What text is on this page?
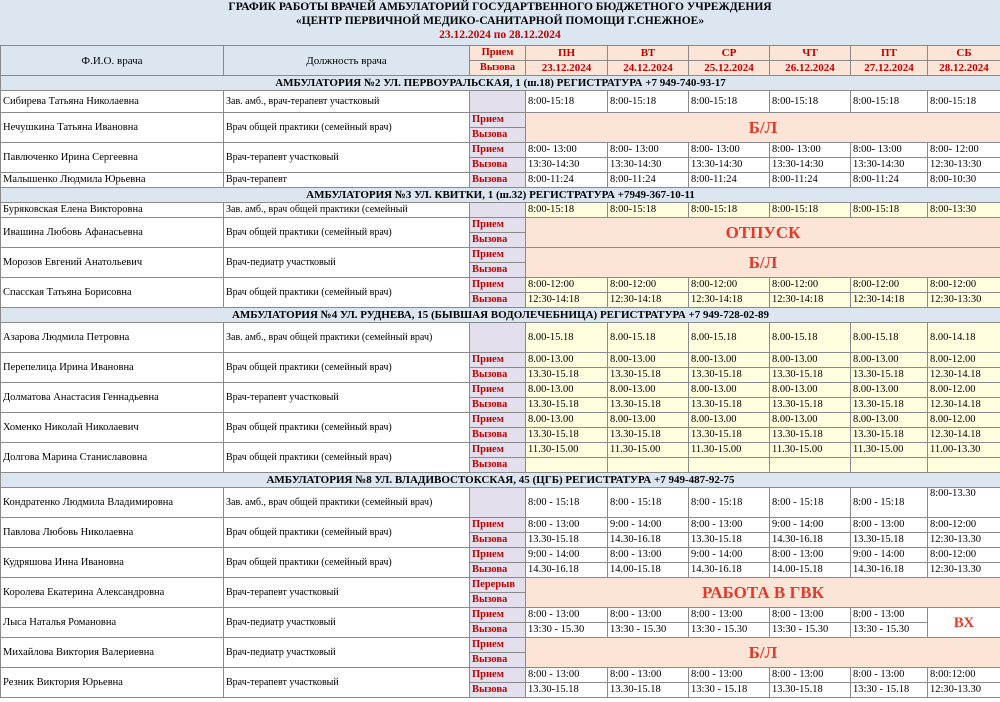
ГРАФИК РАБОТЫ ВРАЧЕЙ АМБУЛАТОРИЙ ГОСУДАРТВЕННОГО БЮДЖЕТНОГО УЧРЕЖДЕНИЯ
«ЦЕНТР ПЕРВИЧНОЙ МЕДИКО-САНИТАРНОЙ ПОМОЩИ Г.СНЕЖНОЕ»
23.12.2024 по 28.12.2024
Ф.И.О. врача	Должность врача	Прием	ПН	ВТ	СР	ЧТ	ПТ	СБ
		Вызова	23.12.2024	24.12.2024	25.12.2024	26.12.2024	27.12.2024	28.12.2024
АМБУЛАТОРИЯ №2 УЛ. ПЕРВОУРАЛЬСКАЯ, 1 (ш.18) РЕГИСТРАТУРА +7 949-740-93-17								
Сибирева Татьяна Николаевна	Зав. амб., врач-терапевт участковый		8:00-15:18	8:00-15:18	8:00-15:18	8:00-15:18	8:00-15:18	8:00-15:18
Нечушкина Татьяна Ивановна	Врач общей практики (семейный врач)	Прием	Б/Л					
		Вызова						
Павлюченко Ирина Сергеевна	Врач-терапевт участковый	Прием	8:00- 13:00	8:00- 13:00	8:00- 13:00	8:00- 13:00	8:00- 13:00	8:00- 12:00
		Вызова	13:30-14:30	13:30-14:30	13:30-14:30	13:30-14:30	13:30-14:30	12:30-13:30
Малышенко Людмила Юрьевна	Врач-терапевт	Вызова	8:00-11:24	8:00-11:24	8:00-11:24	8:00-11:24	8:00-11:24	8:00-10:30
АМБУЛАТОРИЯ №3 УЛ. КВИТКИ, 1 (ш.32) РЕГИСТРАТУРА +7949-367-10-11								
Буряковская Елена Викторовна	Зав. амб., врач общей практики (семейный		8:00-15:18	8:00-15:18	8:00-15:18	8:00-15:18	8:00-15:18	8:00-13:30
Ивашина Любовь Афанасьевна	Врач общей практики (семейный врач)	Прием	ОТПУСК					
		Вызова						
Морозов Евгений Анатольевич	Врач-педиатр участковый	Прием	Б/Л					
		Вызова						
Спасская Татьяна Борисовна	Врач общей практики (семейный врач)	Прием	8:00-12:00	8:00-12:00	8:00-12:00	8:00-12:00	8:00-12:00	8:00-12:00
		Вызова	12:30-14:18	12:30-14:18	12:30-14:18	12:30-14:18	12:30-14:18	12:30-13:30
АМБУЛАТОРИЯ №4 УЛ. РУДНЕВА, 15 (БЫВШАЯ ВОДОЛЕЧЕБНИЦА) РЕГИСТРАТУРА +7 949-728-02-89								
Азарова Людмила Петровна	Зав. амб., врач общей практики (семейный врач)		8.00-15.18	8.00-15.18	8.00-15.18	8.00-15.18	8.00-15.18	8.00-14.18
Перепелица Ирина Ивановна	Врач общей практики (семейный врач)	Прием	8.00-13.00	8.00-13.00	8.00-13.00	8.00-13.00	8.00-13.00	8.00-12.00
		Вызова	13.30-15.18	13.30-15.18	13.30-15.18	13.30-15.18	13.30-15.18	12.30-14.18
Долматова Анастасия Геннадьевна	Врач-терапевт участковый	Прием	8.00-13.00	8.00-13.00	8.00-13.00	8.00-13.00	8.00-13.00	8.00-12.00
		Вызова	13.30-15.18	13.30-15.18	13.30-15.18	13.30-15.18	13.30-15.18	12.30-14.18
Хоменко Николай Николаевич	Врач общей практики (семейный врач)	Прием	8.00-13.00	8.00-13.00	8.00-13.00	8.00-13.00	8.00-13.00	8.00-12.00
		Вызова	13.30-15.18	13.30-15.18	13.30-15.18	13.30-15.18	13.30-15.18	12.30-14.18
Долгова Марина Станиславовна	Врач общей практики (семейный врач)	Прием	11.30-15.00	11.30-15.00	11.30-15.00	11.30-15.00	11.30-15.00	11.00-13.30
		Вызова						
АМБУЛАТОРИЯ №8 УЛ. ВЛАДИВОСТОКСКАЯ, 45 (ЦГБ) РЕГИСТРАТУРА +7 949-487-92-75								
Кондратенко Людмила Владимировна	Зав. амб., врач общей практики (семейный врач)		8:00 - 15:18	8:00 - 15:18	8:00 - 15:18	8:00 - 15:18	8:00 - 15:18	8:00-13.30
Павлова Любовь Николаевна	Врач общей практики (семейный врач)	Прием	8:00 - 13:00	9:00 - 14:00	8:00 - 13:00	9:00 - 14:00	8:00 - 13:00	8:00-12:00
		Вызова	13.30-15.18	14.30-16.18	13.30-15.18	14.30-16.18	13.30-15.18	12:30-13.30
Кудряшова Инна Ивановна	Врач общей практики (семейный врач)	Прием	9:00 - 14:00	8:00 - 13:00	9:00 - 14:00	8:00 - 13:00	9:00 - 14:00	8:00-12:00
		Вызова	14.30-16.18	14.00-15.18	14.30-16.18	14.00-15.18	14.30-16.18	12:30-13.30
Королева Екатерина Александровна	Врач-терапевт участковый	Перерыв	РАБОТА В ГВК					
		Вызова						
Лыса Наталья Романовна	Врач-педиатр участковый	Прием	8:00 - 13:00	8:00 - 13:00	8:00 - 13:00	8:00 - 13:00	8:00 - 13:00	ВХ
		Вызова	13:30 - 15.30	13:30 - 15.30	13:30 - 15.30	13:30 - 15.30	13:30 - 15.30	
Михайлова Виктория Валериевна	Врач-педиатр участковый	Прием	Б/Л					
		Вызова						
Резник Виктория Юрьевна	Врач-терапевт участковый	Прием	8:00 - 13:00	8:00 - 13:00	8:00 - 13:00	8:00 - 13:00	8:00 - 13:00	8:00:12:00
		Вызова	13.30-15.18	13.30-15.18	13:30 - 15.18	13.30-15.18	13:30 - 15.18	12:30-13.30
